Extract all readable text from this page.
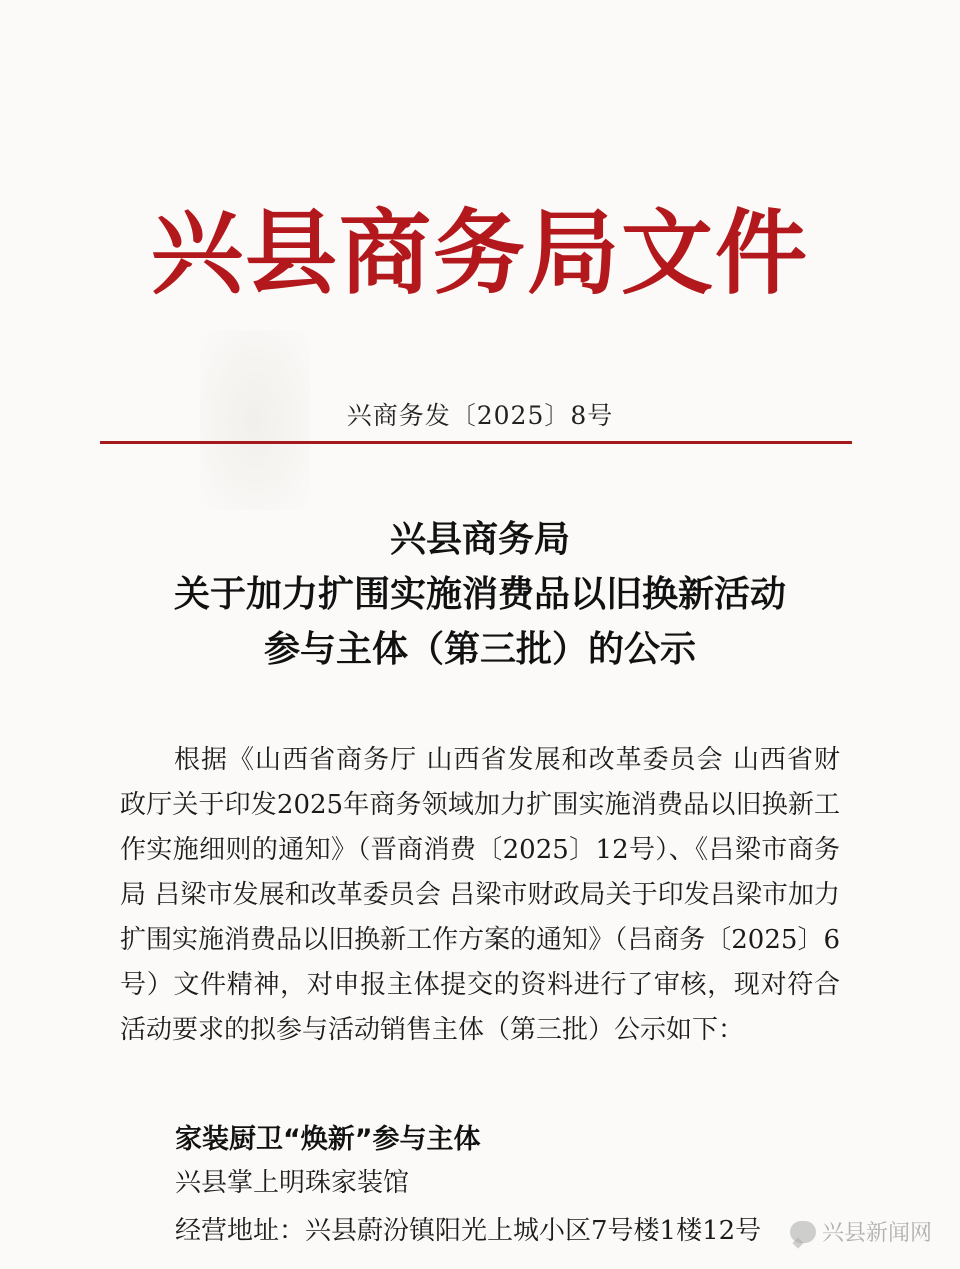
兴县商务局文件
兴商务发〔2025〕8号
兴县商务局
关于加力扩围实施消费品以旧换新活动
参与主体（第三批）的公示

根据《山西省商务厅 山西省发展和改革委员会 山西省财政厅关于印发2025年商务领域加力扩围实施消费品以旧换新工作实施细则的通知》（晋商消费〔2025〕12号）、《吕梁市商务局 吕梁市发展和改革委员会 吕梁市财政局关于印发吕梁市加力扩围实施消费品以旧换新工作方案的通知》（吕商务〔2025〕6号）文件精神，对申报主体提交的资料进行了审核，现对符合活动要求的拟参与活动销售主体（第三批）公示如下：

家装厨卫“焕新”参与主体
兴县掌上明珠家装馆
经营地址：兴县蔚汾镇阳光上城小区7号楼1楼12号	兴县新闻网
